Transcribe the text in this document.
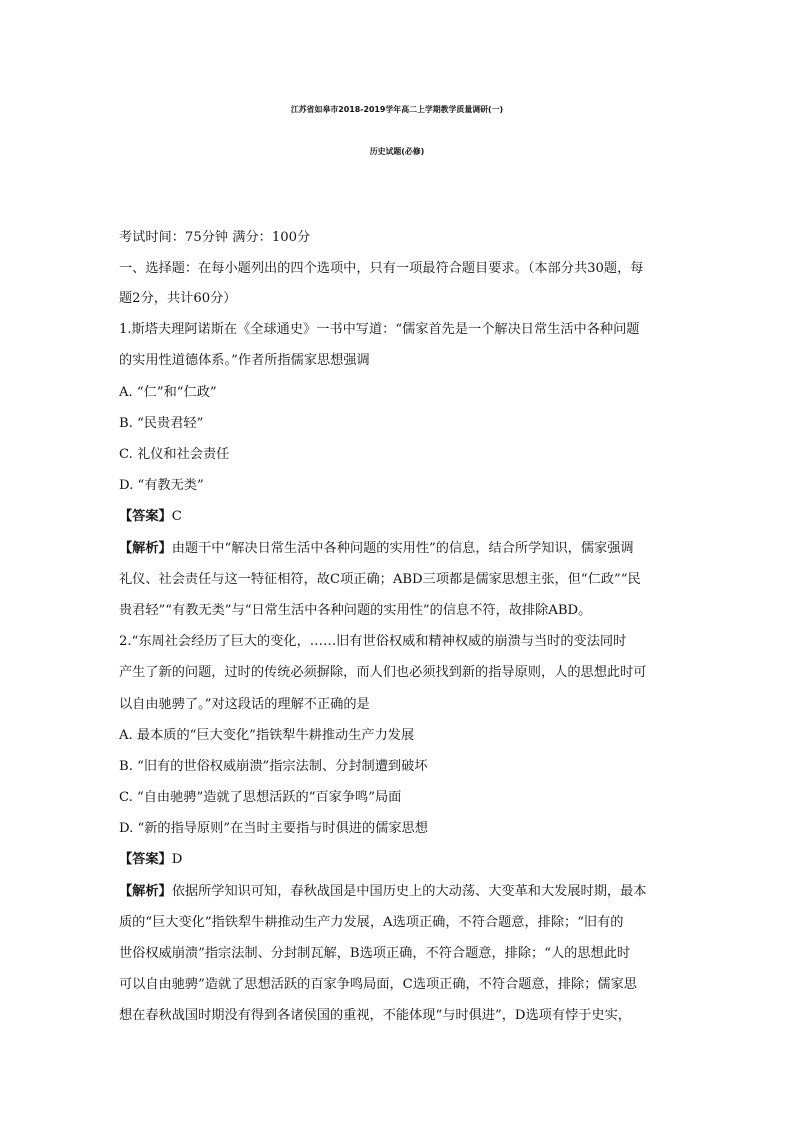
江苏省如皋市2018-2019学年高二上学期教学质量调研(一)
历史试题(必修)
考试时间：75分钟 满分：100分
一、选择题：在每小题列出的四个选项中，只有一项最符合题目要求。（本部分共30题，每
题2分，共计60分）
1.斯塔夫理阿诺斯在《全球通史》一书中写道：“儒家首先是一个解决日常生活中各种问题
的实用性道德体系。”作者所指儒家思想强调
A. “仁”和“仁政”
B. “民贵君轻”
C. 礼仪和社会责任
D. “有教无类”
【答案】C
【解析】由题干中“解决日常生活中各种问题的实用性”的信息，结合所学知识，儒家强调
礼仪、社会责任与这一特征相符，故C项正确；ABD三项都是儒家思想主张，但“仁政”“民
贵君轻”“有教无类”与“日常生活中各种问题的实用性”的信息不符，故排除ABD。
2.“东周社会经历了巨大的变化，……旧有世俗权威和精神权威的崩溃与当时的变法同时
产生了新的问题，过时的传统必须摒除，而人们也必须找到新的指导原则，人的思想此时可
以自由驰骋了。”对这段话的理解不正确的是
A. 最本质的“巨大变化”指铁犁牛耕推动生产力发展
B. “旧有的世俗权威崩溃”指宗法制、分封制遭到破坏
C. “自由驰骋”造就了思想活跃的“百家争鸣”局面
D. “新的指导原则”在当时主要指与时俱进的儒家思想
【答案】D
【解析】依据所学知识可知，春秋战国是中国历史上的大动荡、大变革和大发展时期，最本
质的“巨大变化”指铁犁牛耕推动生产力发展，A选项正确，不符合题意，排除；“旧有的
世俗权威崩溃”指宗法制、分封制瓦解，B选项正确，不符合题意，排除；“人的思想此时
可以自由驰骋”造就了思想活跃的百家争鸣局面，C选项正确，不符合题意，排除；儒家思
想在春秋战国时期没有得到各诸侯国的重视，不能体现“与时俱进”，D选项有悖于史实，
